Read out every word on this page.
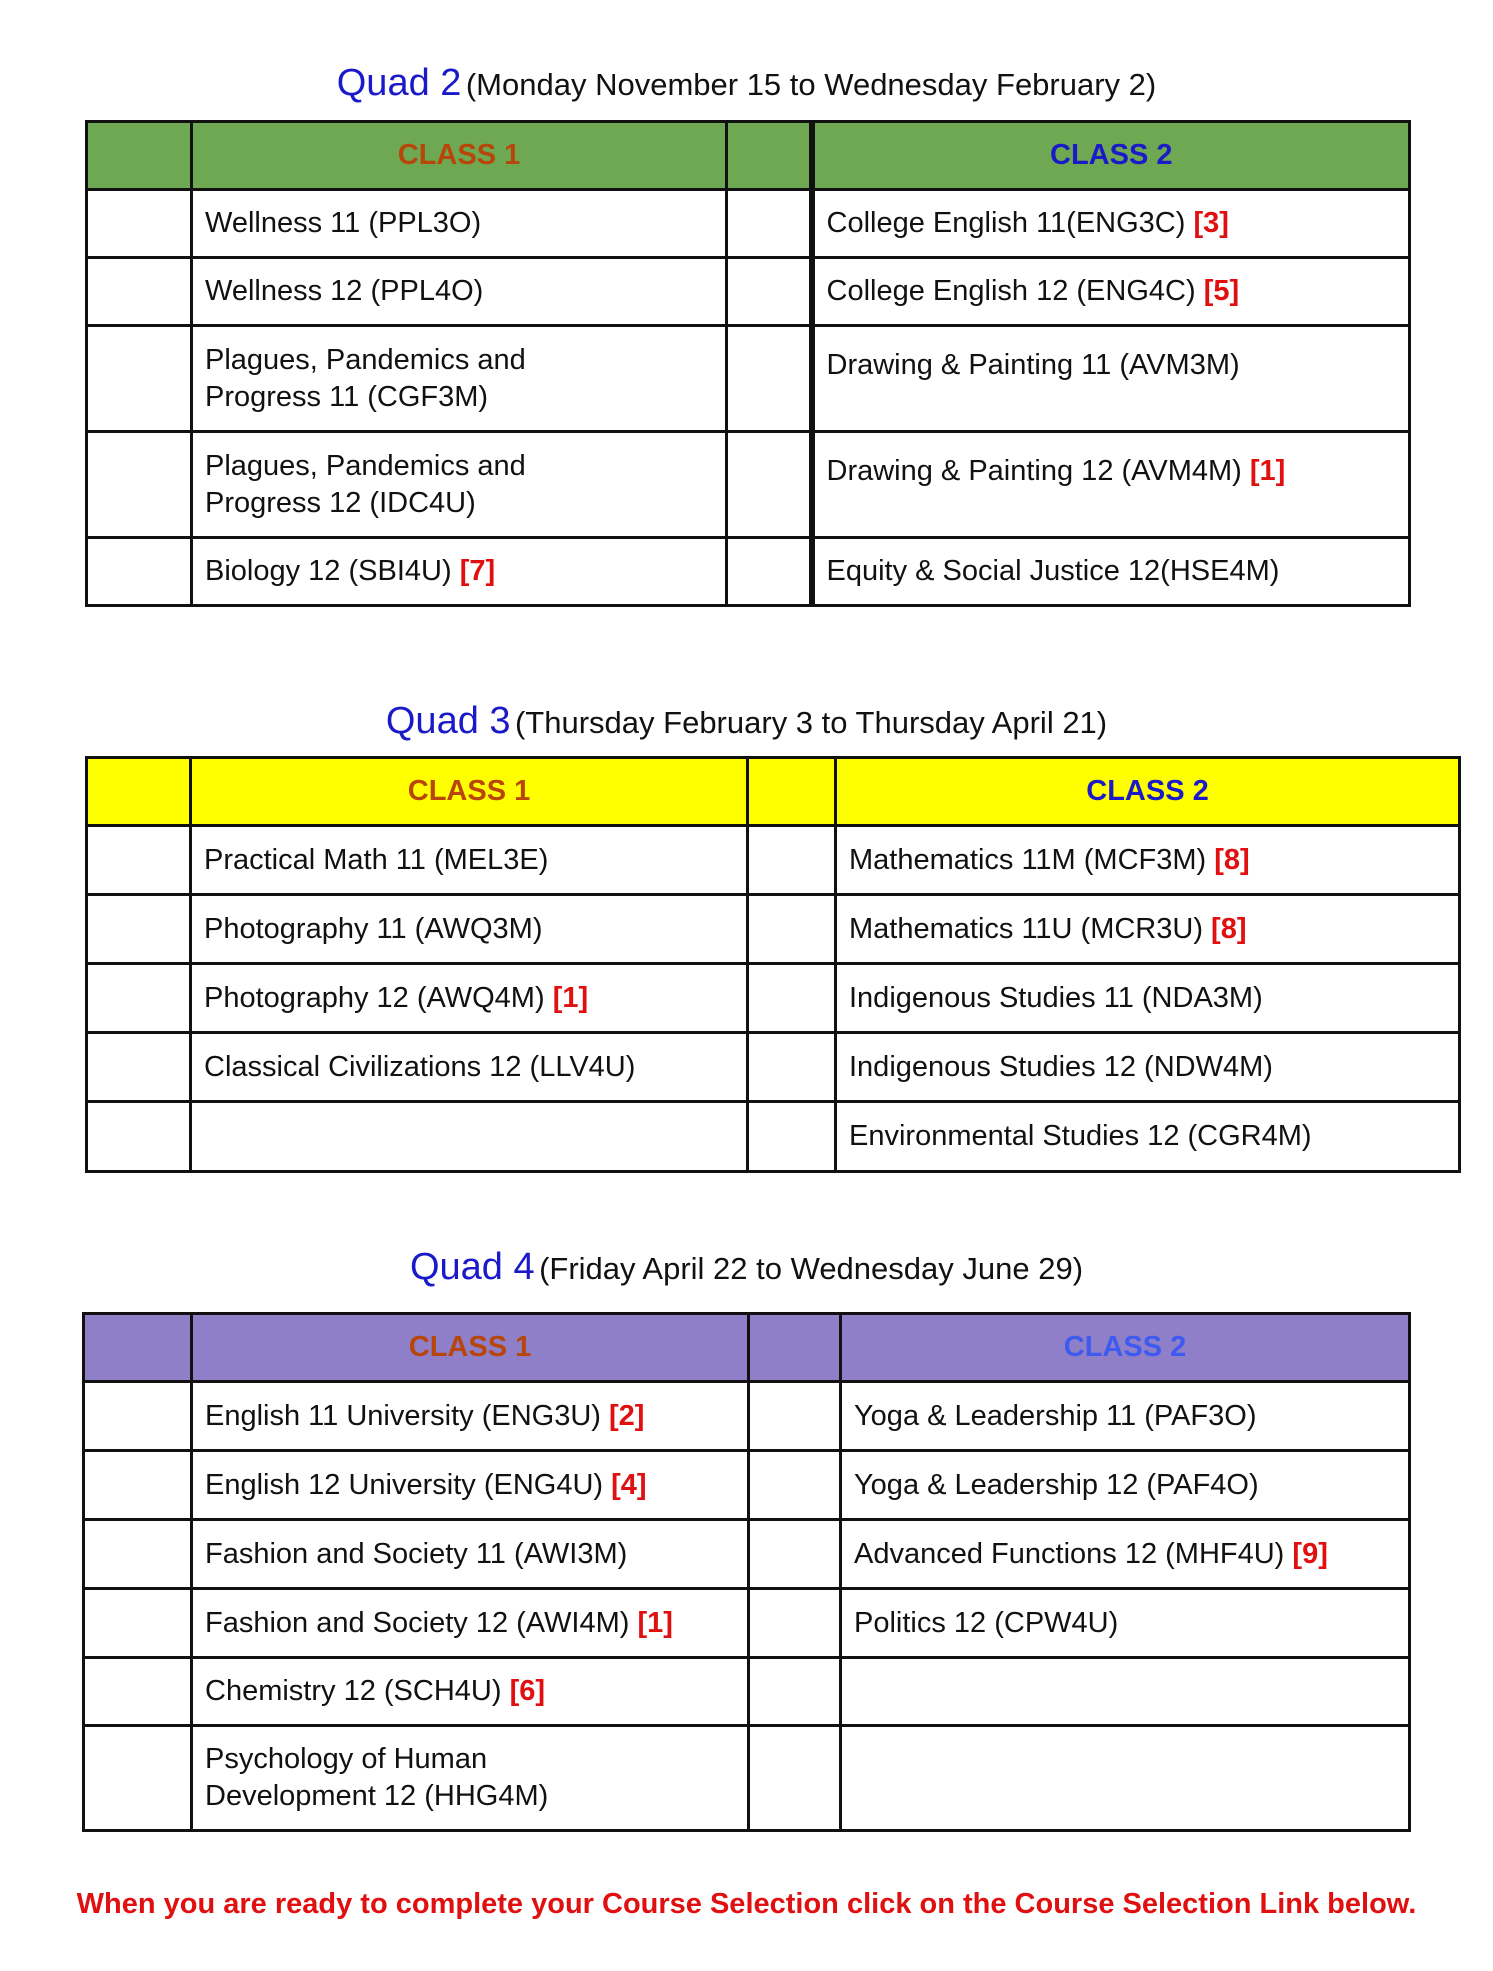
Quad 2 (Monday November 15 to Wednesday February 2)
	CLASS 1		CLASS 2
	Wellness 11 (PPL3O)		College English 11(ENG3C) [3]
	Wellness 12 (PPL4O)		College English 12 (ENG4C) [5]
	Plagues, Pandemics and
Progress 11 (CGF3M)		Drawing & Painting 11 (AVM3M)
	Plagues, Pandemics and
Progress 12 (IDC4U)		Drawing & Painting 12 (AVM4M) [1]
	Biology 12 (SBI4U) [7]		Equity & Social Justice 12(HSE4M)
Quad 3 (Thursday February 3 to Thursday April 21)
	CLASS 1		CLASS 2
	Practical Math 11 (MEL3E)		Mathematics 11M (MCF3M) [8]
	Photography 11 (AWQ3M)		Mathematics 11U (MCR3U) [8]
	Photography 12 (AWQ4M) [1]		Indigenous Studies 11 (NDA3M)
	Classical Civilizations 12 (LLV4U)		Indigenous Studies 12 (NDW4M)
			Environmental Studies 12 (CGR4M)
Quad 4 (Friday April 22 to Wednesday June 29)
	CLASS 1		CLASS 2
	English 11 University (ENG3U) [2]		Yoga & Leadership 11 (PAF3O)
	English 12 University (ENG4U) [4]		Yoga & Leadership 12 (PAF4O)
	Fashion and Society 11 (AWI3M)		Advanced Functions 12 (MHF4U) [9]
	Fashion and Society 12 (AWI4M) [1]		Politics 12 (CPW4U)
	Chemistry 12 (SCH4U) [6]		
	Psychology of Human
Development 12 (HHG4M)		
When you are ready to complete your Course Selection click on the Course Selection Link below.
